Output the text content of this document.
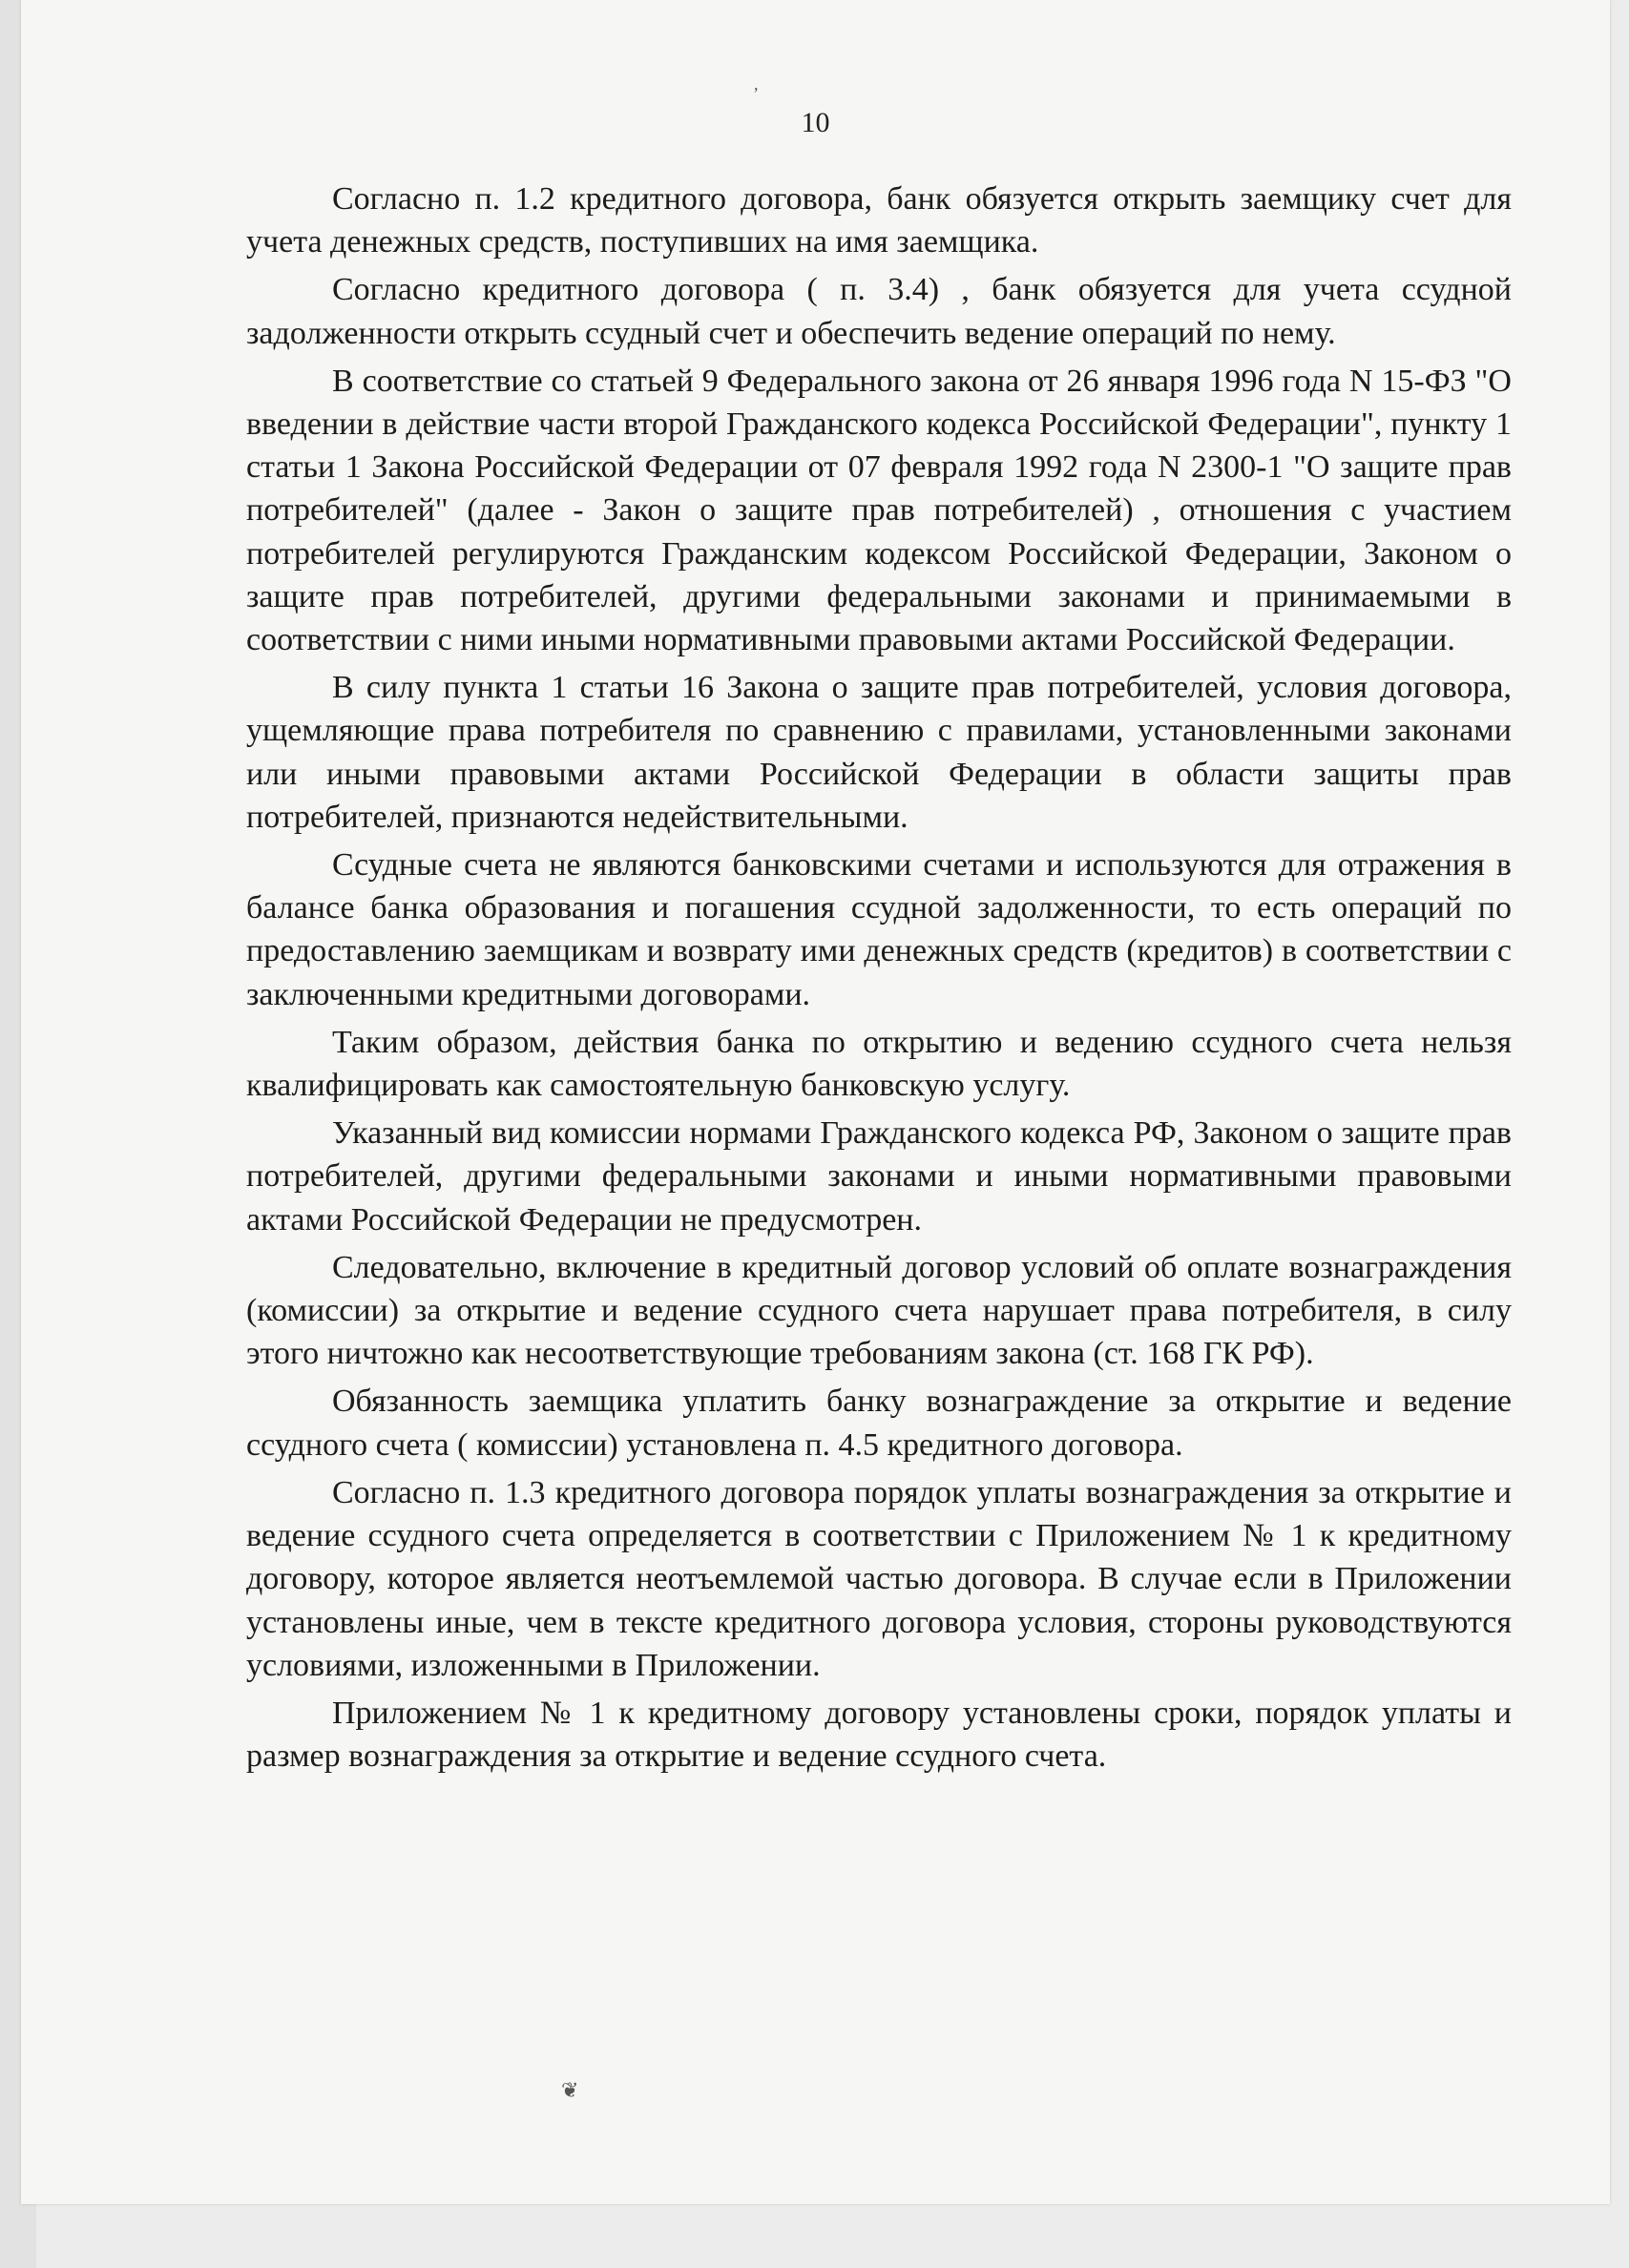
,
10

Согласно п. 1.2 кредитного договора, банк обязуется открыть заемщику счет для учета денежных средств, поступивших на имя заемщика.

Согласно кредитного договора ( п. 3.4) , банк обязуется для учета ссудной задолженности открыть ссудный счет и обеспечить ведение операций по нему.

В соответствие со статьей 9 Федерального закона от 26 января 1996 года N 15-ФЗ "О введении в действие части второй Гражданского кодекса Российской Федерации", пункту 1 статьи 1 Закона Российской Федерации от 07 февраля 1992 года N 2300-1 "О защите прав потребителей" (далее - Закон о защите прав потребителей) , отношения с участием потребителей регулируются Гражданским кодексом Российской Федерации, Законом о защите прав потребителей, другими федеральными законами и принимаемыми в соответствии с ними иными нормативными правовыми актами Российской Федерации.

В силу пункта 1 статьи 16 Закона о защите прав потребителей, условия договора, ущемляющие права потребителя по сравнению с правилами, установленными законами или иными правовыми актами Российской Федерации в области защиты прав потребителей, признаются недействительными.

Ссудные счета не являются банковскими счетами и используются для отражения в балансе банка образования и погашения ссудной задолженности, то есть операций по предоставлению заемщикам и возврату ими денежных средств (кредитов) в соответствии с заключенными кредитными договорами.

Таким образом, действия банка по открытию и ведению ссудного счета нельзя квалифицировать как самостоятельную банковскую услугу.

Указанный вид комиссии нормами Гражданского кодекса РФ, Законом о защите прав потребителей, другими федеральными законами и иными нормативными правовыми актами Российской Федерации не предусмотрен.

Следовательно, включение в кредитный договор условий об оплате вознаграждения (комиссии) за открытие и ведение ссудного счета нарушает права потребителя, в силу этого ничтожно как несоответствующие требованиям закона (ст. 168 ГК РФ).

Обязанность заемщика уплатить банку вознаграждение за открытие и ведение ссудного счета ( комиссии) установлена п. 4.5 кредитного договора.

Согласно п. 1.3 кредитного договора порядок уплаты вознаграждения за открытие и ведение ссудного счета определяется в соответствии с Приложением № 1 к кредитному договору, которое является неотъемлемой частью договора. В случае если в Приложении установлены иные, чем в тексте кредитного договора условия, стороны руководствуются условиями, изложенными в Приложении.

Приложением № 1 к кредитному договору установлены сроки, порядок уплаты и размер вознаграждения за открытие и ведение ссудного счета.

❦
